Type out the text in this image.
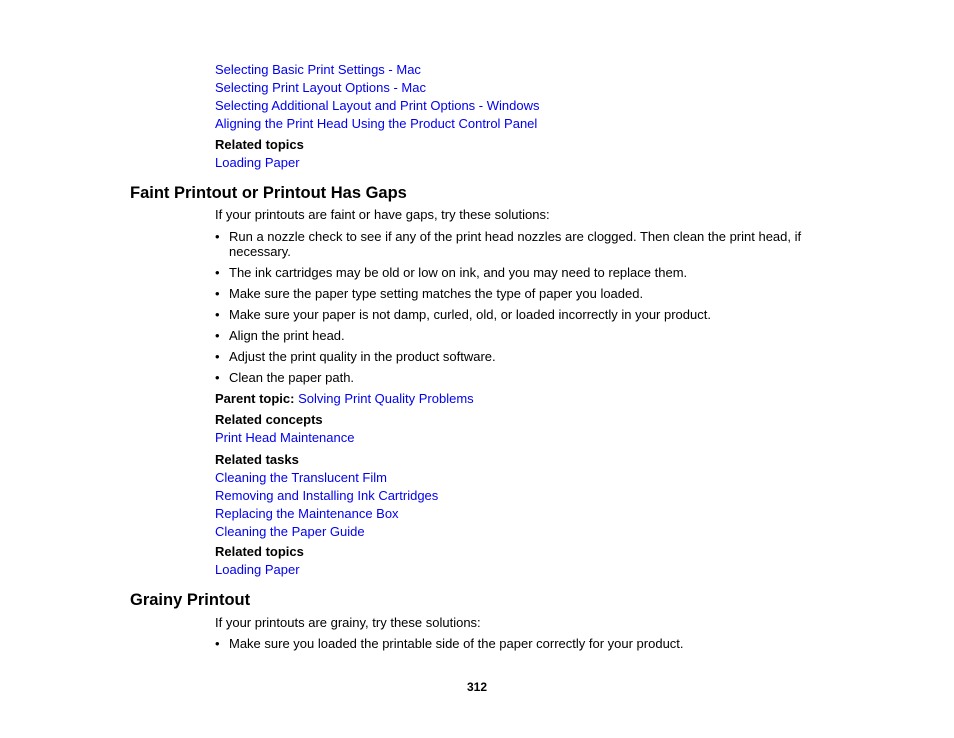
Selecting Basic Print Settings - Mac
Selecting Print Layout Options - Mac
Selecting Additional Layout and Print Options - Windows
Aligning the Print Head Using the Product Control Panel
Related topics
Loading Paper
Faint Printout or Printout Has Gaps

If your printouts are faint or have gaps, try these solutions:

• Run a nozzle check to see if any of the print head nozzles are clogged. Then clean the print head, if necessary.
• The ink cartridges may be old or low on ink, and you may need to replace them.
• Make sure the paper type setting matches the type of paper you loaded.
• Make sure your paper is not damp, curled, old, or loaded incorrectly in your product.
• Align the print head.
• Adjust the print quality in the product software.
• Clean the paper path.
Parent topic: Solving Print Quality Problems
Related concepts
Print Head Maintenance
Related tasks
Cleaning the Translucent Film
Removing and Installing Ink Cartridges
Replacing the Maintenance Box
Cleaning the Paper Guide
Related topics
Loading Paper
Grainy Printout

If your printouts are grainy, try these solutions:

• Make sure you loaded the printable side of the paper correctly for your product.
312
